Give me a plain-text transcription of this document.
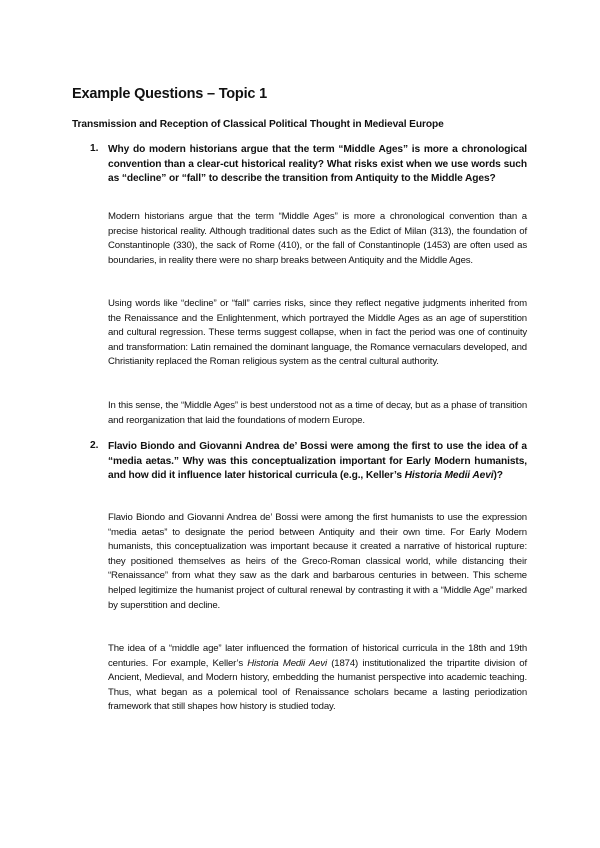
Example Questions – Topic 1
Transmission and Reception of Classical Political Thought in Medieval Europe
1. Why do modern historians argue that the term “Middle Ages” is more a chronological convention than a clear-cut historical reality? What risks exist when we use words such as “decline” or “fall” to describe the transition from Antiquity to the Middle Ages?

Modern historians argue that the term “Middle Ages” is more a chronological convention than a precise historical reality. Although traditional dates such as the Edict of Milan (313), the foundation of Constantinople (330), the sack of Rome (410), or the fall of Constantinople (1453) are often used as boundaries, in reality there were no sharp breaks between Antiquity and the Middle Ages.

Using words like “decline” or “fall” carries risks, since they reflect negative judgments inherited from the Renaissance and the Enlightenment, which portrayed the Middle Ages as an age of superstition and cultural regression. These terms suggest collapse, when in fact the period was one of continuity and transformation: Latin remained the dominant language, the Romance vernaculars developed, and Christianity replaced the Roman religious system as the central cultural authority.

In this sense, the “Middle Ages” is best understood not as a time of decay, but as a phase of transition and reorganization that laid the foundations of modern Europe.

2. Flavio Biondo and Giovanni Andrea de’ Bossi were among the first to use the idea of a “media aetas.” Why was this conceptualization important for Early Modern humanists, and how did it influence later historical curricula (e.g., Keller’s Historia Medii Aevi)?

Flavio Biondo and Giovanni Andrea de’ Bossi were among the first humanists to use the expression “media aetas” to designate the period between Antiquity and their own time. For Early Modern humanists, this conceptualization was important because it created a narrative of historical rupture: they positioned themselves as heirs of the Greco-Roman classical world, while distancing their “Renaissance” from what they saw as the dark and barbarous centuries in between. This scheme helped legitimize the humanist project of cultural renewal by contrasting it with a “Middle Age” marked by superstition and decline.

The idea of a “middle age” later influenced the formation of historical curricula in the 18th and 19th centuries. For example, Keller’s Historia Medii Aevi (1874) institutionalized the tripartite division of Ancient, Medieval, and Modern history, embedding the humanist perspective into academic teaching. Thus, what began as a polemical tool of Renaissance scholars became a lasting periodization framework that still shapes how history is studied today.
